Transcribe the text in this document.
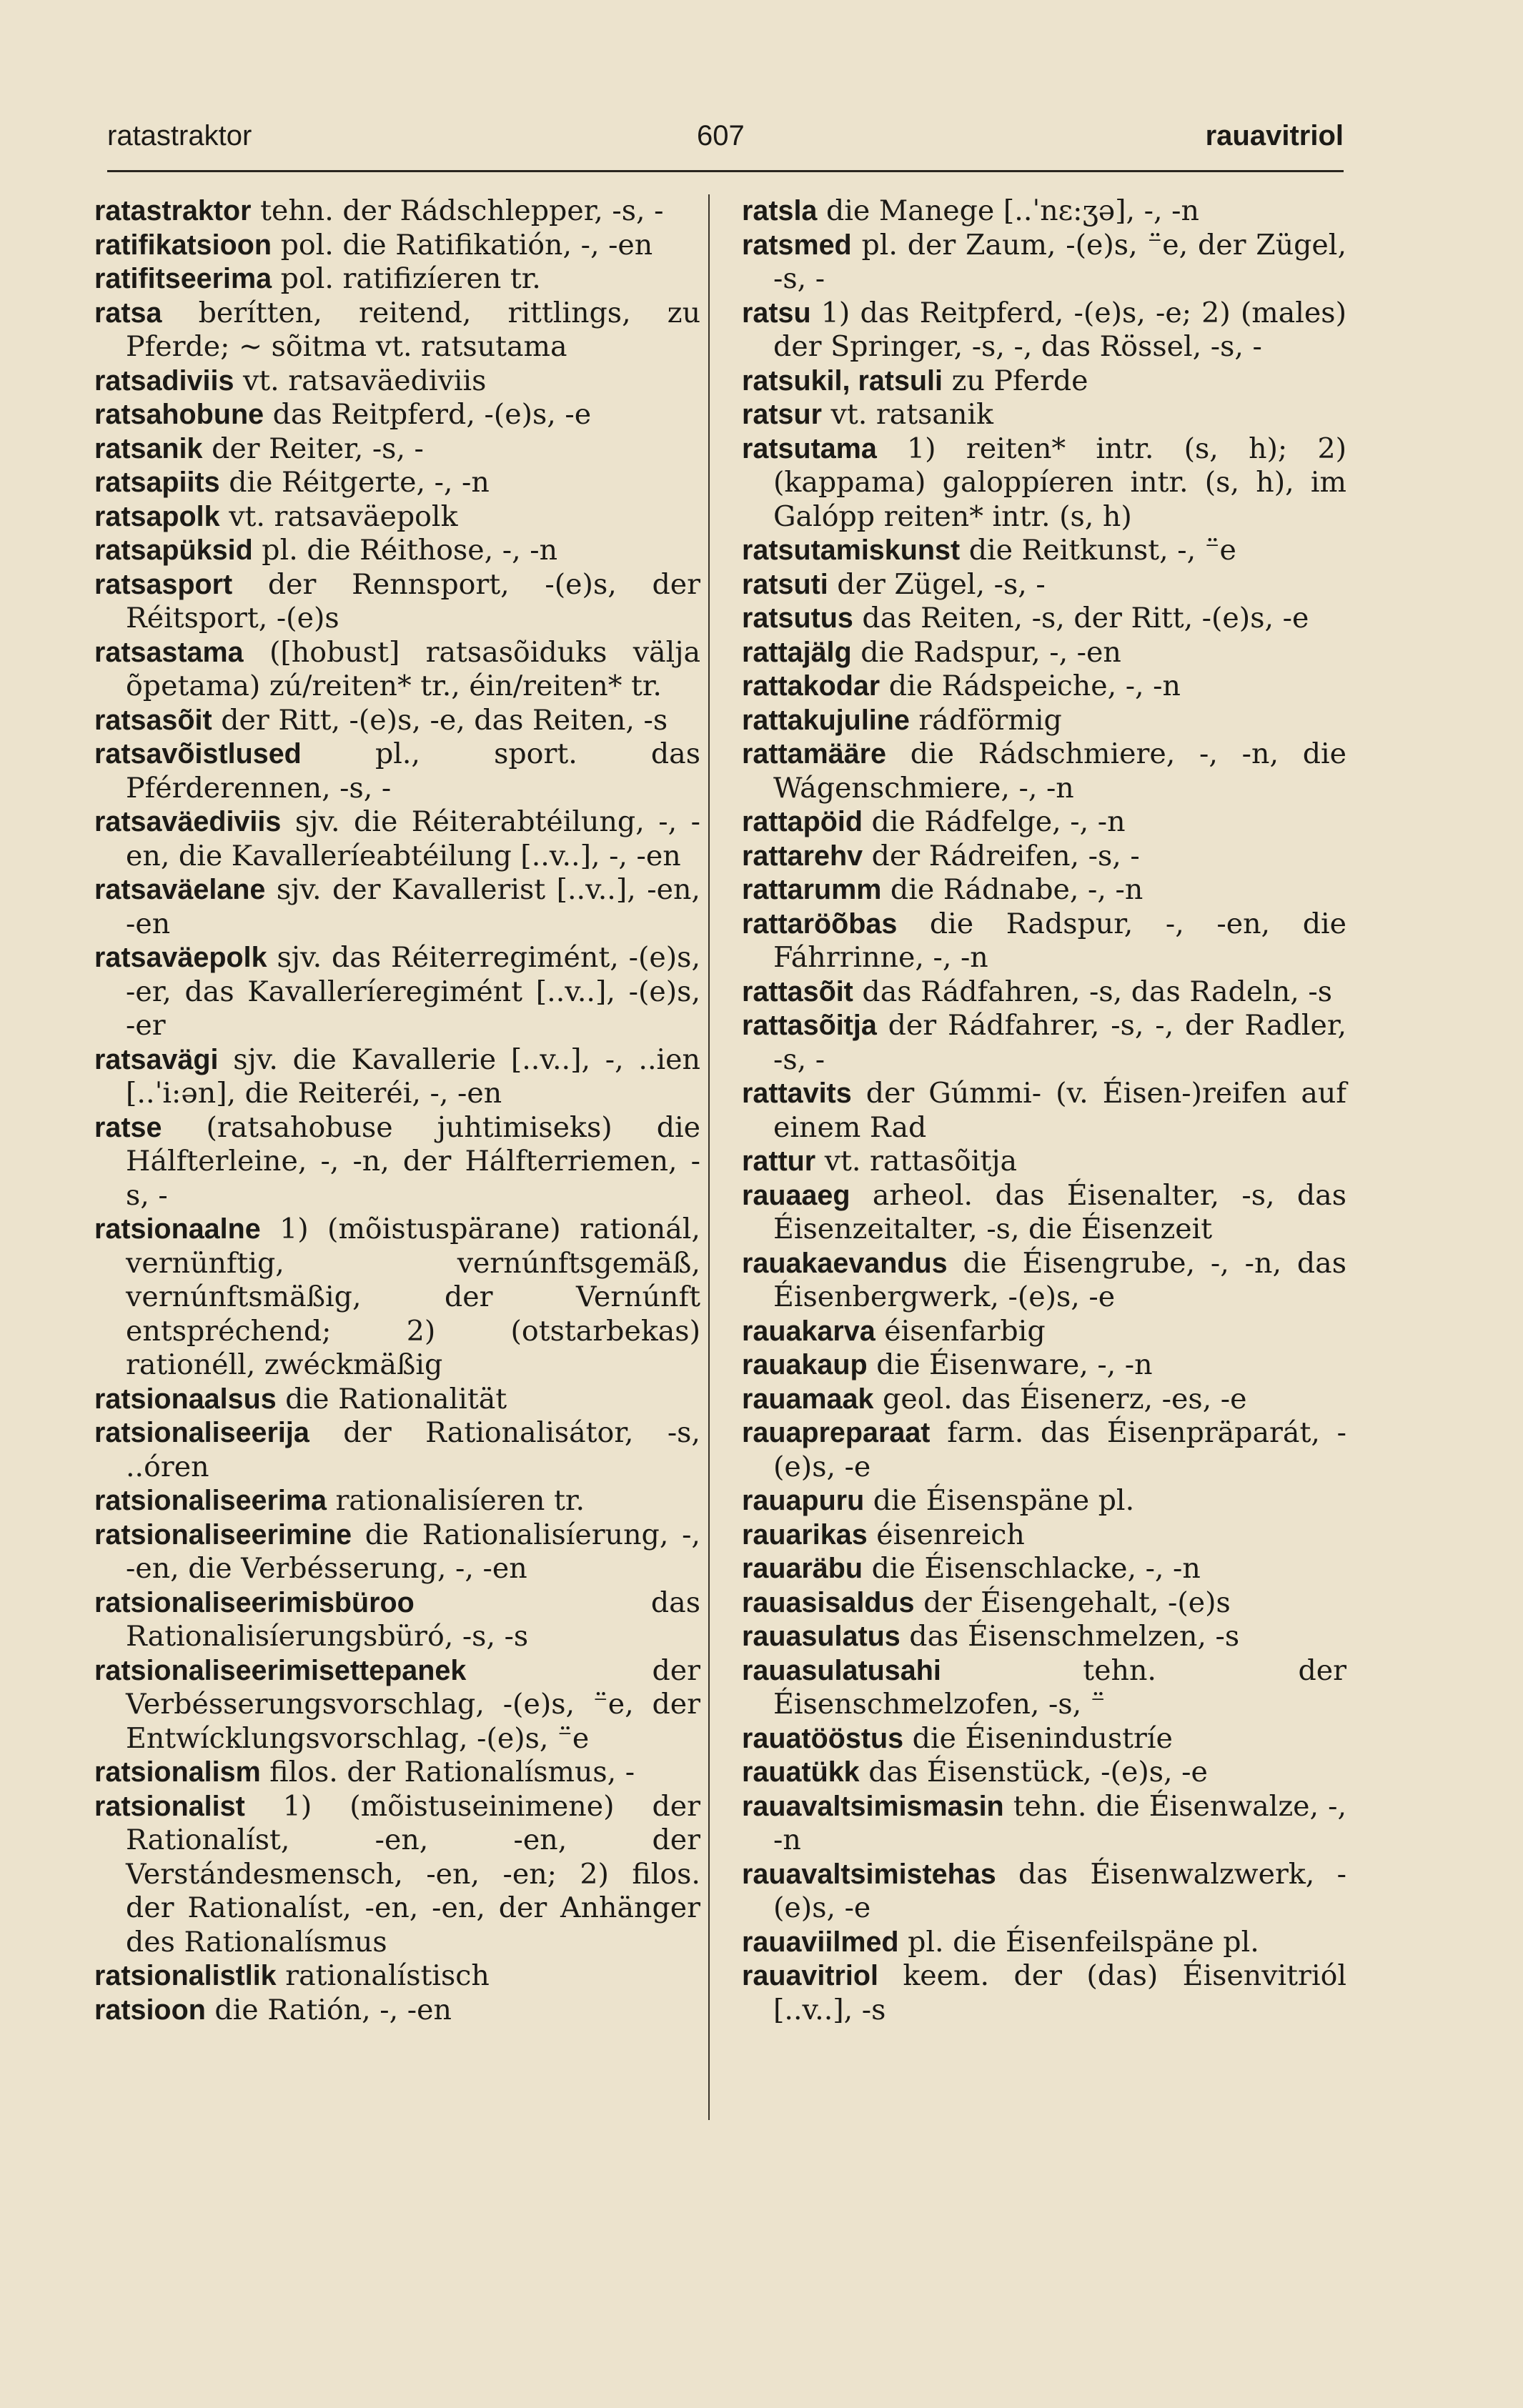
ratastraktor	607	rauavitriol

ratastraktor tehn. der Rádschlepper, -s, -

ratifikatsioon pol. die Ratifikatión, -, -en

ratifitseerima pol. ratifizíeren tr.

ratsa berítten, reitend, rittlings, zu Pferde; ~ sõitma vt. ratsutama

ratsadiviis vt. ratsaväediviis

ratsahobune das Reitpferd, -(e)s, -e

ratsanik der Reiter, -s, -

ratsapiits die Réitgerte, -, -n

ratsapolk vt. ratsaväepolk

ratsapüksid pl. die Réithose, -, -n

ratsasport der Rennsport, -(e)s, der Réitsport, -(e)s

ratsastama ([hobust] ratsasõiduks välja õpetama) zú/reiten* tr., éin/reiten* tr.

ratsasõit der Ritt, -(e)s, -e, das Reiten, -s

ratsavõistlused	pl., sport. das Pférderennen, -s, -

ratsaväediviis sjv. die Réiterabtéilung, -, -en, die Kavalleríeabtéilung [..v..], -, -en

ratsaväelane sjv. der Kavallerist [..v..], -en, -en

ratsaväepolk sjv. das Réiterregimént, -(e)s, -er, das Kavalleríeregimént [..v..], -(e)s, -er

ratsavägi sjv. die Kavallerie [..v..], -, ..ien [..ˈi:ən], die Reiteréi, -, -en

ratse (ratsahobuse juhtimiseks) die Hálfterleine, -, -n, der Hálfterriemen, -s, -

ratsionaalne 1) (mõistuspärane) rationál, vernünftig, vernúnftsgemäß, vernúnftsmäßig, der Vernúnft entspréchend; 2) (otstarbekas) rationéll, zwéckmäßig

ratsionaalsus die Rationalität

ratsionaliseerija der Rationalisátor, -s, ..óren

ratsionaliseerima rationalisíeren tr.

ratsionaliseerimine die Rationalisíerung, -, -en, die Verbésserung, -, -en

ratsionaliseerimisbüroo	das Rationalisíerungsbüró, -s, -s

ratsionaliseerimisettepanek	der Verbésserungsvorschlag, -(e)s, ⁻̈e, der Entwícklungsvorschlag, -(e)s, ⁻̈e

ratsionalism filos. der Rationalísmus, -

ratsionalist 1) (mõistuseinimene) der Rationalíst, -en, -en, der Verstándesmensch, -en, -en; 2) filos. der Rationalíst, -en, -en, der Anhänger des Rationalísmus

ratsionalistlik rationalístisch

ratsioon die Ratión, -, -en

ratsla die Manege [..ˈnɛ:ʒə], -, -n

ratsmed pl. der Zaum, -(e)s, ⁻̈e, der Zügel, -s, -

ratsu 1) das Reitpferd, -(e)s, -e; 2) (males) der Springer, -s, -, das Rössel, -s, -

ratsukil, ratsuli zu Pferde

ratsur vt. ratsanik

ratsutama 1) reiten* intr. (s, h); 2) (kappama) galoppíeren intr. (s, h), im Galópp reiten* intr. (s, h)

ratsutamiskunst die Reitkunst, -, ⁻̈e

ratsuti der Zügel, -s, -

ratsutus das Reiten, -s, der Ritt, -(e)s, -e

rattajälg die Radspur, -, -en

rattakodar die Rádspeiche, -, -n

rattakujuline rádförmig

rattamääre die Rádschmiere, -, -n, die Wágenschmiere, -, -n

rattapöid die Rádfelge, -, -n

rattarehv der Rádreifen, -s, -

rattarumm die Rádnabe, -, -n

rattaröõbas die Radspur, -, -en, die Fáhrrinne, -, -n

rattasõit das Rádfahren, -s, das Radeln, -s

rattasõitja der Rádfahrer, -s, -, der Radler, -s, -

rattavits der Gúmmi- (v. Éisen-)reifen auf einem Rad

rattur vt. rattasõitja

rauaaeg arheol. das Éisenalter, -s, das Éisenzeitalter, -s, die Éisenzeit

rauakaevandus die Éisengrube, -, -n, das Éisenbergwerk, -(e)s, -e

rauakarva éisenfarbig

rauakaup die Éisenware, -, -n

rauamaak geol. das Éisenerz, -es, -e

rauapreparaat farm. das Éisenpräparát, -(e)s, -e

rauapuru die Éisenspäne pl.

rauarikas éisenreich

rauaräbu die Éisenschlacke, -, -n

rauasisaldus der Éisengehalt, -(e)s

rauasulatus das Éisenschmelzen, -s

rauasulatusahi	tehn. der Éisenschmelzofen, -s, ⁻̈

rauatööstus die Éisenindustríe

rauatükk das Éisenstück, -(e)s, -e

rauavaltsimismasin tehn. die Éisenwalze, -, -n

rauavaltsimistehas das Éisenwalzwerk, -(e)s, -e

rauaviilmed pl. die Éisenfeilspäne pl.

rauavitriol keem. der (das) Éisenvitriól [..v..], -s
